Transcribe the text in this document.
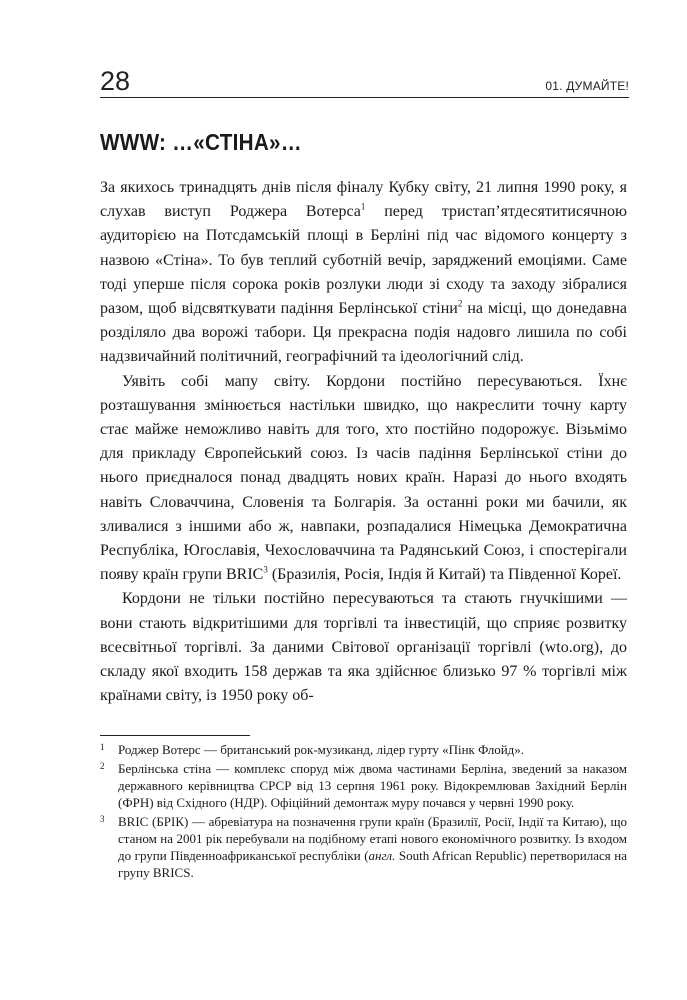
28	01. ДУМАЙТЕ!
WWW: …«СТІНА»…

За якихось тринадцять днів після фіналу Кубку світу, 21 липня 1990 року, я слухав виступ Роджера Вотерса$^1$ перед тристап’ятдесятитисячною аудиторією на Потсдамській площі в Берліні під час відомого концерту з назвою «Стіна». То був теплий суботній вечір, заряджений емоціями. Саме тоді уперше після сорока років розлуки люди зі сходу та заходу зібралися разом, щоб відсвяткувати падіння Берлінської стіни$^2$ на місці, що донедавна розділяло два ворожі табори. Ця прекрасна подія надовго лишила по собі надзвичайний політичний, географічний та ідеологічний слід.

Уявіть собі мапу світу. Кордони постійно пересуваються. Їхнє розташування змінюється настільки швидко, що накреслити точну карту стає майже неможливо навіть для того, хто постійно подорожує. Візьмімо для прикладу Європейський союз. Із часів падіння Берлінської стіни до нього приєдналося понад двадцять нових країн. Наразі до нього входять навіть Словаччина, Словенія та Болгарія. За останні роки ми бачили, як зливалися з іншими або ж, навпаки, розпадалися Німецька Демократична Республіка, Югославія, Чехословаччина та Радянський Союз, і спостерігали появу країн групи BRIC$^3$ (Бразилія, Росія, Індія й Китай) та Південної Кореї.

Кордони не тільки постійно пересуваються та стають гнучкішими — вони стають відкритішими для торгівлі та інвестицій, що сприяє розвитку всесвітньої торгівлі. За даними Світової організації торгівлі (wto.org), до складу якої входить 158 держав та яка здійснює близько 97 % торгівлі між країнами світу, із 1950 року об-

1 Роджер Вотерс — британський рок-музиканд, лідер гурту «Пінк Флойд».
2 Берлінська стіна — комплекс споруд між двома частинами Берліна, зведений за наказом державного керівництва СРСР від 13 серпня 1961 року. Відокремлював Західний Берлін (ФРН) від Східного (НДР). Офіційний демонтаж муру почався у червні 1990 року.
3 BRIC (БРІК) — абревіатура на позначення групи країн (Бразилії, Росії, Індії та Китаю), що станом на 2001 рік перебували на подібному етапі нового економічного розвитку. Із входом до групи Південноафриканської республіки (англ. South African Republic) перетворилася на групу BRICS.
